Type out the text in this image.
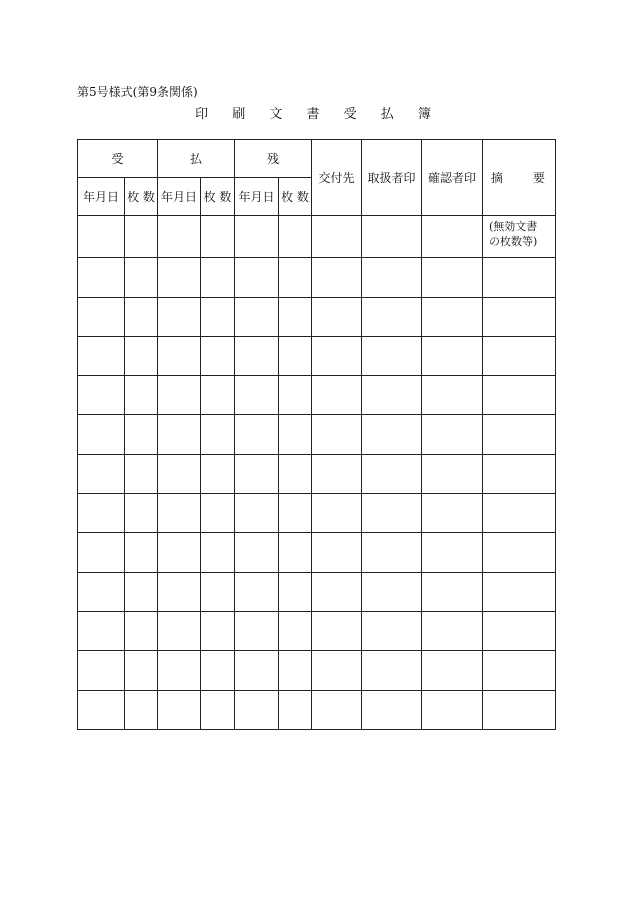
第5号様式(第9条関係)
印 刷 文 書 受 払 簿
受		払		残		交付先	取扱者印	確認者印	摘 要

年月日	枚 数	年月日	枚 数	年月日	枚 数				

									(無効文書
の枚数等)
